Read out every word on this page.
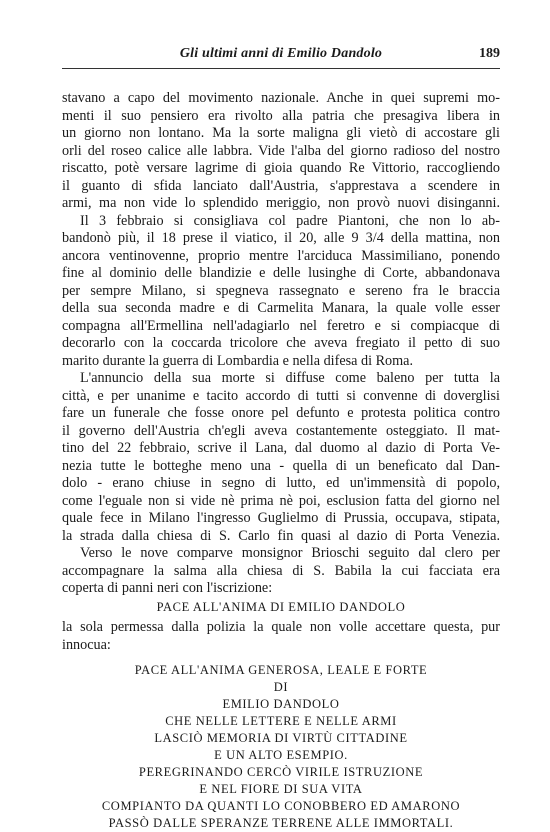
Gli ultimi anni di Emilio Dandolo	189
stavano a capo del movimento nazionale. Anche in quei supremi mo-
menti il suo pensiero era rivolto alla patria che presagiva libera in
un giorno non lontano. Ma la sorte maligna gli vietò di accostare gli
orli del roseo calice alle labbra. Vide l'alba del giorno radioso del nostro
riscatto, potè versare lagrime di gioia quando Re Vittorio, raccogliendo
il guanto di sfida lanciato dall'Austria, s'apprestava a scendere in
armi, ma non vide lo splendido meriggio, non provò nuovi disinganni.
Il 3 febbraio si consigliava col padre Piantoni, che non lo ab-
bandonò più, il 18 prese il viatico, il 20, alle 9 3/4 della mattina, non
ancora ventinovenne, proprio mentre l'arciduca Massimiliano, ponendo
fine al dominio delle blandizie e delle lusinghe di Corte, abbandonava
per sempre Milano, si spegneva rassegnato e sereno fra le braccia
della sua seconda madre e di Carmelita Manara, la quale volle esser
compagna all'Ermellina nell'adagiarlo nel feretro e si compiacque di
decorarlo con la coccarda tricolore che aveva fregiato il petto di suo
marito durante la guerra di Lombardia e nella difesa di Roma.
L'annuncio della sua morte si diffuse come baleno per tutta la
città, e per unanime e tacito accordo di tutti si convenne di doverglisi
fare un funerale che fosse onore pel defunto e protesta politica contro
il governo dell'Austria ch'egli aveva costantemente osteggiato. Il mat-
tino del 22 febbraio, scrive il Lana, dal duomo al dazio di Porta Ve-
nezia tutte le botteghe meno una - quella di un beneficato dal Dan-
dolo - erano chiuse in segno di lutto, ed un'immensità di popolo,
come l'eguale non si vide nè prima nè poi, esclusion fatta del giorno nel
quale fece in Milano l'ingresso Guglielmo di Prussia, occupava, stipata,
la strada dalla chiesa di S. Carlo fin quasi al dazio di Porta Venezia.
Verso le nove comparve monsignor Brioschi seguito dal clero per
accompagnare la salma alla chiesa di S. Babila la cui facciata era
coperta di panni neri con l'iscrizione:
PACE ALL'ANIMA DI EMILIO DANDOLO
la sola permessa dalla polizia la quale non volle accettare questa, pur
innocua:
PACE ALL'ANIMA GENEROSA, LEALE E FORTE
DI
EMILIO DANDOLO
CHE NELLE LETTERE E NELLE ARMI
LASCIÒ MEMORIA DI VIRTÙ CITTADINE
E UN ALTO ESEMPIO.
PEREGRINANDO CERCÒ VIRILE ISTRUZIONE
E NEL FIORE DI SUA VITA
COMPIANTO DA QUANTI LO CONOBBERO ED AMARONO
PASSÒ DALLE SPERANZE TERRENE ALLE IMMORTALI.
